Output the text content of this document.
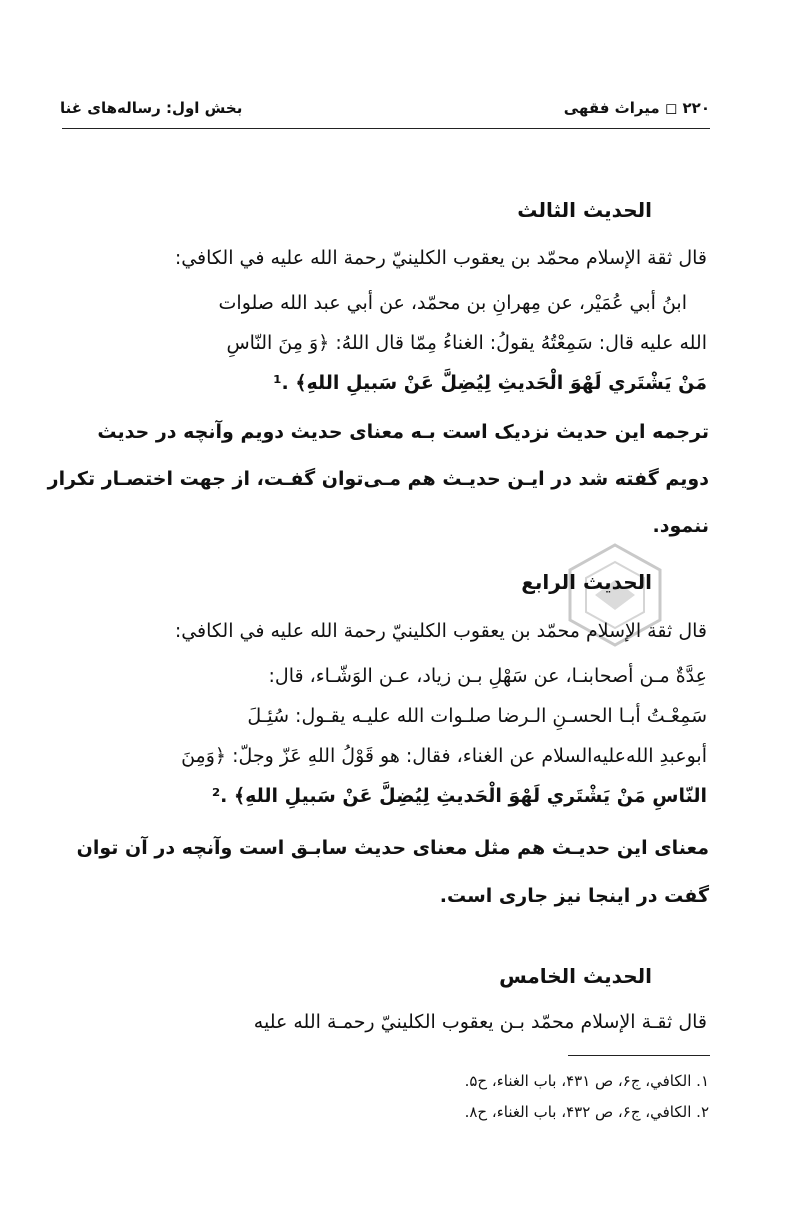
بخش اول: رساله‌های غنا	۲۲۰ ◻ میراث فقهی
الحديث الثالث
قال ثقة الإسلام محمّد بن يعقوب الكلينيّ رحمة الله عليه في الكافي:
ابنُ أبي عُمَيْر، عن مِهرانِ بن محمّد، عن أبي عبد الله صلوات
الله عليه قال: سَمِعْتُهُ يقولُ: الغناءُ مِمّا قال اللهُ: ﴿وَ مِنَ النّاسِ
مَنْ يَشْتَري لَهْوَ الْحَديثِ لِيُضِلَّ عَنْ سَبيلِ اللهِ﴾ .¹
ترجمه این حدیث نزدیک است بـه معنای حدیث دویم وآنچه در حدیث
دویم گفته شد در ایـن حدیـث هم مـی‌توان گفـت، از جهت اختصـار تکرار
ننمود.
الحديث الرابع
قال ثقة الإسلام محمّد بن يعقوب الكلينيّ رحمة الله عليه في الكافي:
عِدَّةٌ مـن أصحابنـا، عن سَهْلِ بـن زياد، عـن الوَشّـاء، قال:
سَمِعْـتُ أبـا الحسـنِ الـرضا صلـوات الله عليـه يقـول: سُئِـلَ
أبوعبدِ الله‌عليه‌السلام عن الغناء، فقال: هو قَوْلُ اللهِ عَزّ وجلّ: ﴿وَمِنَ
النّاسِ مَنْ يَشْتَري لَهْوَ الْحَديثِ لِيُضِلَّ عَنْ سَبيلِ اللهِ﴾ .²
معنای این حدیـث هم مثل معنای حدیث سابـق است وآنچه در آن توان
گفت در اینجا نیز جاری است.
الحديث الخامس
قال ثقـة الإسلام محمّد بـن يعقوب الكلينيّ رحمـة الله عليه
١. الكافي، ج۶، ص ۴۳۱، باب الغناء، ح۵.
٢. الكافي، ج۶، ص ۴۳۲، باب الغناء، ح٨.
